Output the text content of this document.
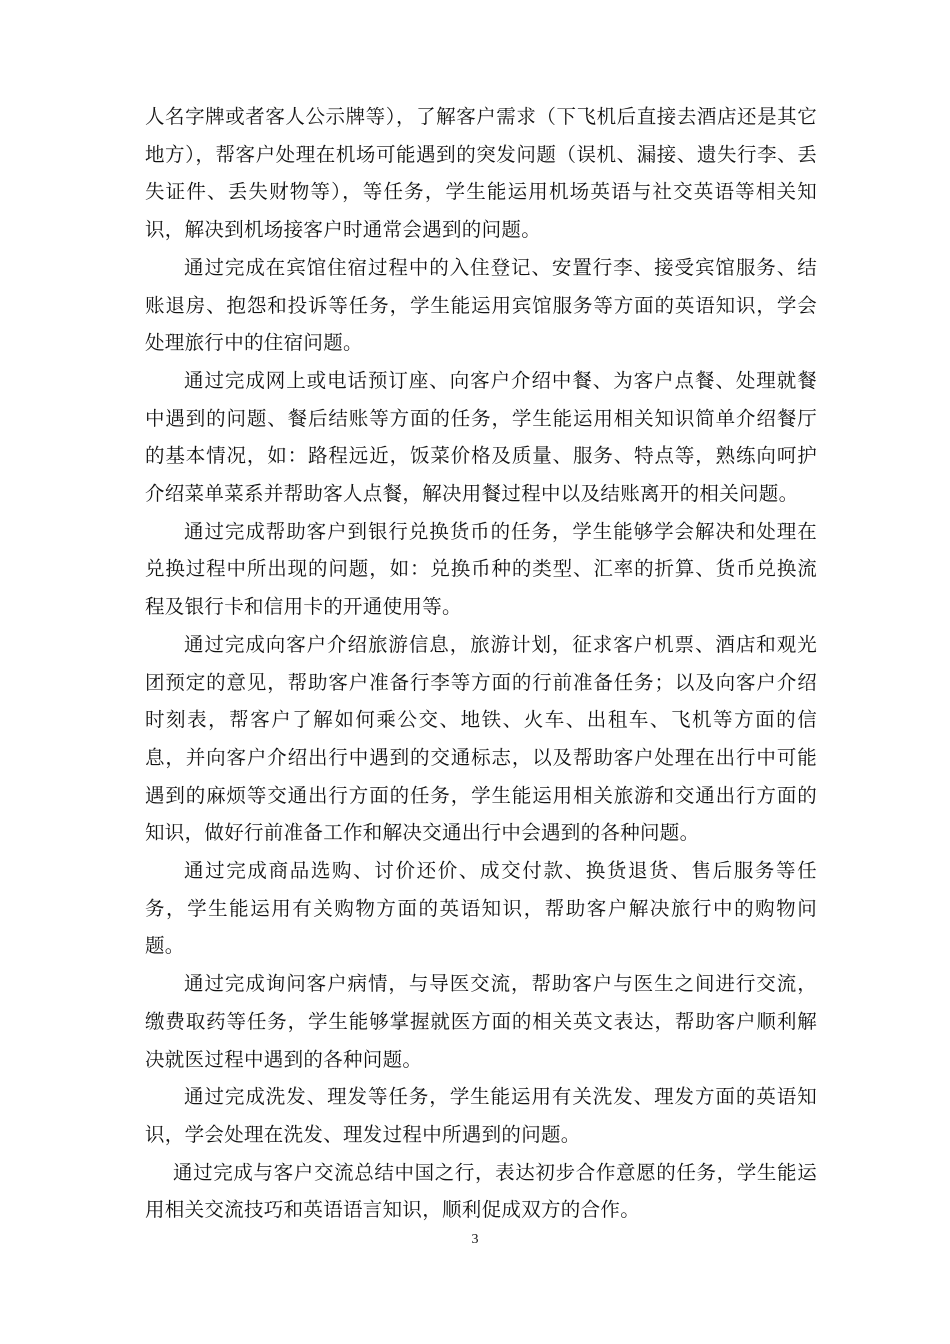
人名字牌或者客人公示牌等），了解客户需求（下飞机后直接去酒店还是其它地方），帮客户处理在机场可能遇到的突发问题（误机、漏接、遗失行李、丢失证件、丢失财物等），等任务，学生能运用机场英语与社交英语等相关知识，解决到机场接客户时通常会遇到的问题。

通过完成在宾馆住宿过程中的入住登记、安置行李、接受宾馆服务、结账退房、抱怨和投诉等任务，学生能运用宾馆服务等方面的英语知识，学会处理旅行中的住宿问题。

通过完成网上或电话预订座、向客户介绍中餐、为客户点餐、处理就餐中遇到的问题、餐后结账等方面的任务，学生能运用相关知识简单介绍餐厅的基本情况，如：路程远近，饭菜价格及质量、服务、特点等，熟练向呵护介绍菜单菜系并帮助客人点餐，解决用餐过程中以及结账离开的相关问题。

通过完成帮助客户到银行兑换货币的任务，学生能够学会解决和处理在兑换过程中所出现的问题，如：兑换币种的类型、汇率的折算、货币兑换流程及银行卡和信用卡的开通使用等。

通过完成向客户介绍旅游信息，旅游计划，征求客户机票、酒店和观光团预定的意见，帮助客户准备行李等方面的行前准备任务；以及向客户介绍时刻表，帮客户了解如何乘公交、地铁、火车、出租车、飞机等方面的信息，并向客户介绍出行中遇到的交通标志，以及帮助客户处理在出行中可能遇到的麻烦等交通出行方面的任务，学生能运用相关旅游和交通出行方面的知识，做好行前准备工作和解决交通出行中会遇到的各种问题。

通过完成商品选购、讨价还价、成交付款、换货退货、售后服务等任务，学生能运用有关购物方面的英语知识，帮助客户解决旅行中的购物问题。

通过完成询问客户病情，与导医交流，帮助客户与医生之间进行交流，缴费取药等任务，学生能够掌握就医方面的相关英文表达，帮助客户顺利解决就医过程中遇到的各种问题。

通过完成洗发、理发等任务，学生能运用有关洗发、理发方面的英语知识，学会处理在洗发、理发过程中所遇到的问题。

通过完成与客户交流总结中国之行，表达初步合作意愿的任务，学生能运用相关交流技巧和英语语言知识，顺利促成双方的合作。

3
